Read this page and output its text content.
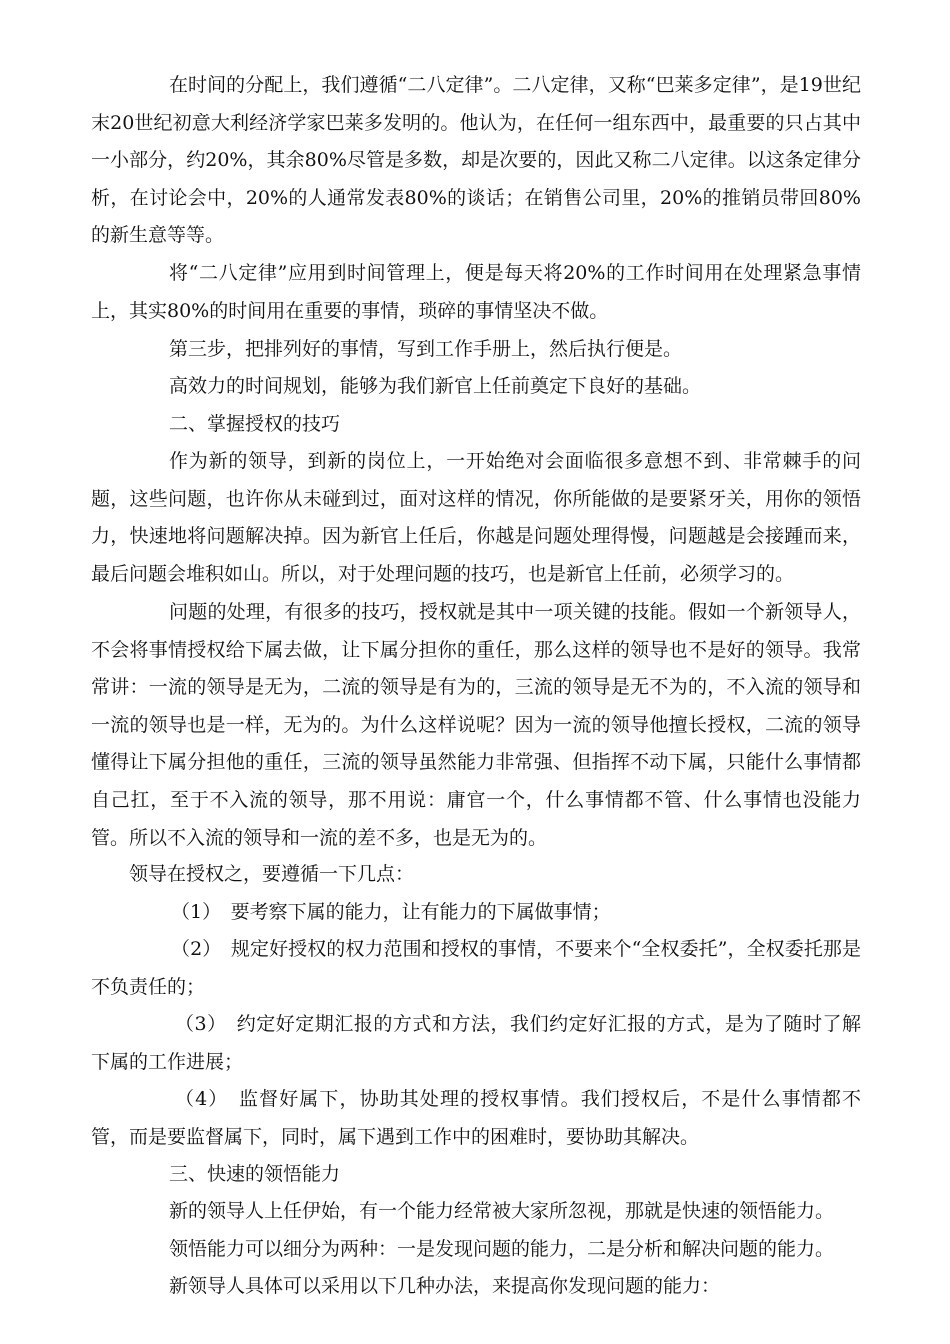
在时间的分配上，我们遵循“二八定律”。二八定律，又称“巴莱多定律”，是19世纪末20世纪初意大利经济学家巴莱多发明的。他认为，在任何一组东西中，最重要的只占其中一小部分，约20%，其余80%尽管是多数，却是次要的，因此又称二八定律。以这条定律分析，在讨论会中，20%的人通常发表80%的谈话；在销售公司里，20%的推销员带回80%的新生意等等。

将“二八定律”应用到时间管理上，便是每天将20%的工作时间用在处理紧急事情上，其实80%的时间用在重要的事情，琐碎的事情坚决不做。

第三步，把排列好的事情，写到工作手册上，然后执行便是。

高效力的时间规划，能够为我们新官上任前奠定下良好的基础。

二、掌握授权的技巧

作为新的领导，到新的岗位上，一开始绝对会面临很多意想不到、非常棘手的问题，这些问题，也许你从未碰到过，面对这样的情况，你所能做的是要紧牙关，用你的领悟力，快速地将问题解决掉。因为新官上任后，你越是问题处理得慢，问题越是会接踵而来，最后问题会堆积如山。所以，对于处理问题的技巧，也是新官上任前，必须学习的。

问题的处理，有很多的技巧，授权就是其中一项关键的技能。假如一个新领导人，不会将事情授权给下属去做，让下属分担你的重任，那么这样的领导也不是好的领导。我常常讲：一流的领导是无为，二流的领导是有为的，三流的领导是无不为的，不入流的领导和一流的领导也是一样，无为的。为什么这样说呢？因为一流的领导他擅长授权，二流的领导懂得让下属分担他的重任，三流的领导虽然能力非常强、但指挥不动下属，只能什么事情都自己扛，至于不入流的领导，那不用说：庸官一个，什么事情都不管、什么事情也没能力管。所以不入流的领导和一流的差不多，也是无为的。

领导在授权之，要遵循一下几点：

（1）　要考察下属的能力，让有能力的下属做事情；

（2）　规定好授权的权力范围和授权的事情，不要来个“全权委托”，全权委托那是不负责任的；

（3）　约定好定期汇报的方式和方法，我们约定好汇报的方式，是为了随时了解下属的工作进展；

（4）　监督好属下，协助其处理的授权事情。我们授权后，不是什么事情都不管，而是要监督属下，同时，属下遇到工作中的困难时，要协助其解决。

三、快速的领悟能力

新的领导人上任伊始，有一个能力经常被大家所忽视，那就是快速的领悟能力。

领悟能力可以细分为两种：一是发现问题的能力，二是分析和解决问题的能力。

新领导人具体可以采用以下几种办法，来提高你发现问题的能力：
